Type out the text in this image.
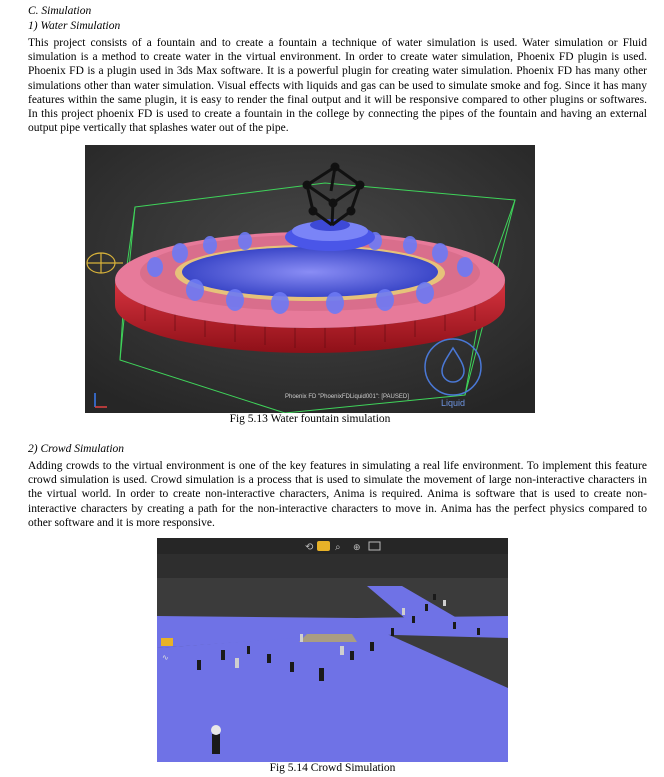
C. Simulation
1) Water Simulation

This project consists of a fountain and to create a fountain a technique of water simulation is used. Water simulation or Fluid simulation is a method to create water in the virtual environment. In order to create water simulation, Phoenix FD plugin is used. Phoenix FD is a plugin used in 3ds Max software. It is a powerful plugin for creating water simulation. Phoenix FD has many other simulations other than water simulation. Visual effects with liquids and gas can be used to simulate smoke and fog. Since it has many features within the same plugin, it is easy to render the final output and it will be responsive compared to other plugins or softwares. In this project phoenix FD is used to create a fountain in the college by connecting the pipes of the fountain and having an external output pipe vertically that splashes water out of the pipe.

Liquid
Phoenix FD "PhoenixFDLiquid001": [PAUSED]
Fig 5.13 Water fountain simulation
2) Crowd Simulation

Adding crowds to the virtual environment is one of the key features in simulating a real life environment. To implement this feature crowd simulation is used. Crowd simulation is a process that is used to simulate the movement of large non-interactive characters in the virtual world. In order to create non-interactive characters, Anima is required. Anima is software that is used to create non-interactive characters by creating a path for the non-interactive characters to move in. Anima has the perfect physics compared to other software and it is more responsive.

⟲ ⌕ ⊕
∿
Fig 5.14 Crowd Simulation
